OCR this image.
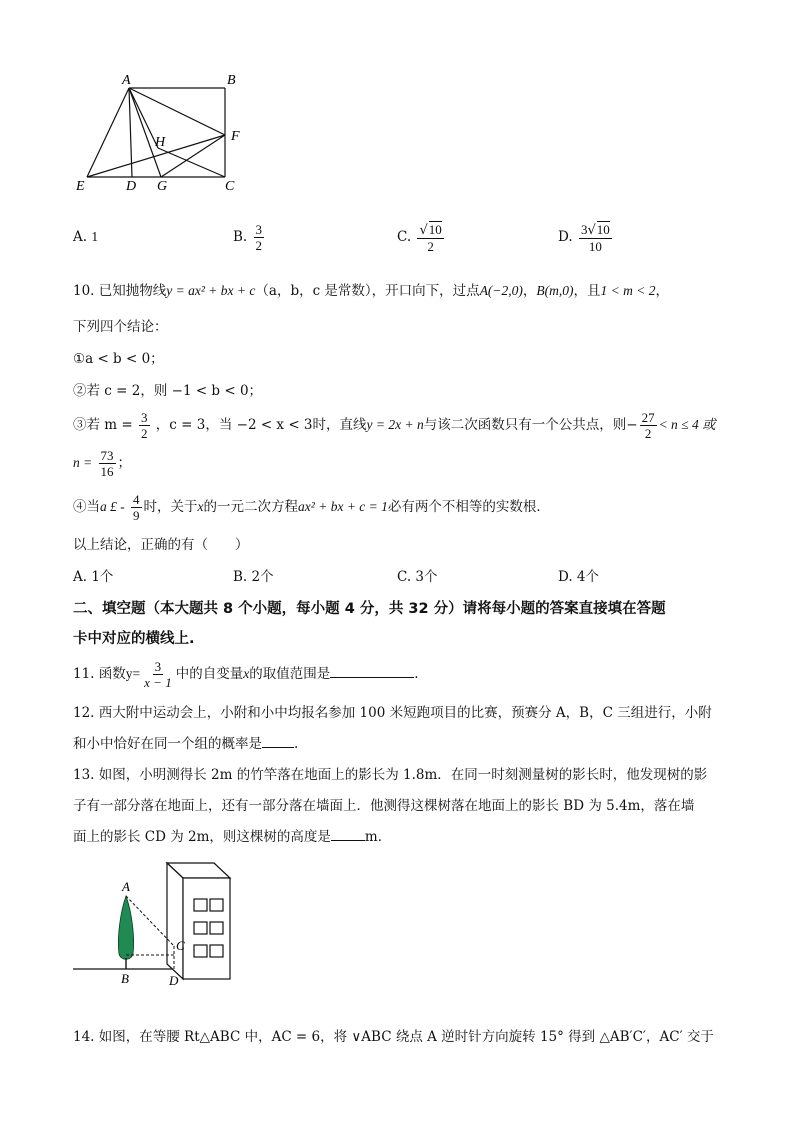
A	B
F
H
E	D G	C
A. 1	B. $\frac{3}{2}$	C. $\frac{√10}{2}$	D. $\frac{3√10}{10}$
10. 已知抛物线y = ax² + bx + c（a，b，c 是常数），开口向下，过点A(−2,0)，B(m,0)，且1 < m < 2，
下列四个结论：
①a < b < 0；
②若 c = 2，则 −1 < b < 0；
③若 $m = \frac{3}{2}$ ，c = 3，当 −2 < x < 3时，直线y = 2x + n与该二次函数只有一个公共点，则− $\frac{27}{2} < n \le 4$ 或
$n = \frac{73}{16}$ ；
④当a £ - $\frac{4}{9}$ 时，关于x的一元二次方程ax² + bx + c = 1必有两个不相等的实数根．
以上结论，正确的有（　　）
A. 1个	B. 2个	C. 3个	D. 4个
二、填空题（本大题共 8 个小题，每小题 4 分，共 32 分）请将每小题的答案直接填在答题
卡中对应的横线上.
11. 函数$y= \frac{3}{x - 1}$ 中的自变量x的取值范围是	.
12. 西大附中运动会上，小附和小中均报名参加 100 米短跑项目的比赛，预赛分 A，B，C 三组进行，小附
和小中恰好在同一个组的概率是 .
13. 如图，小明测得长 2m 的竹竿落在地面上的影长为 1.8m．在同一时刻测量树的影长时，他发现树的影
子有一部分落在地面上，还有一部分落在墙面上．他测得这棵树落在地面上的影长 BD 为 5.4m，落在墙
面上的影长 CD 为 2m，则这棵树的高度是	m．
A
C
B	D
14. 如图，在等腰 Rt△ABC 中，AC = 6，将 ∨ABC 绕点 A 逆时针方向旋转 15° 得到 △AB′C′，AC′ 交于
